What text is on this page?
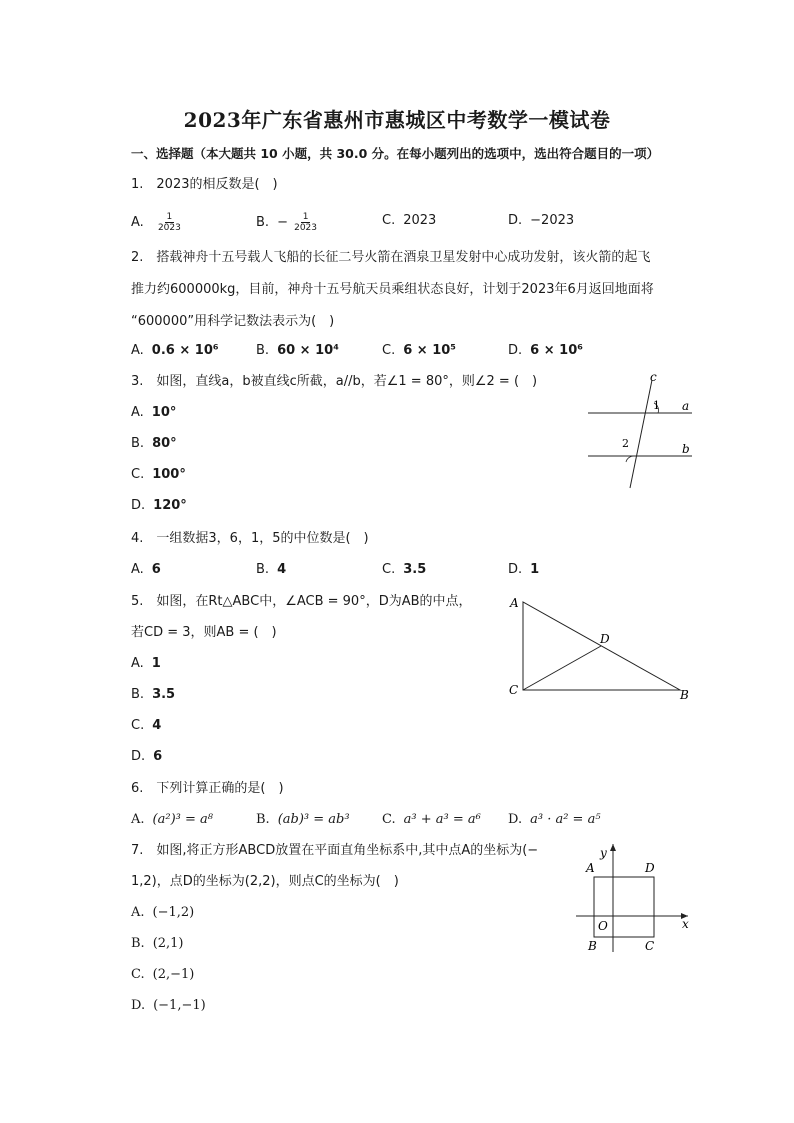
2023年广东省惠州市惠城区中考数学一模试卷
一、选择题（本大题共 10 小题，共 30.0 分。在每小题列出的选项中，选出符合题目的一项）
1.　2023的相反数是(　)
A. $\frac{1}{2023}$	B. − $\frac{1}{2023}$	C. 2023	D. −2023
2.　搭载神舟十五号载人飞船的长征二号火箭在酒泉卫星发射中心成功发射，该火箭的起飞
推力约600000kg，目前，神舟十五号航天员乘组状态良好，计划于2023年6月返回地面将
“600000”用科学记数法表示为(　)
A. 0.6 × 10⁶	B. 60 × 10⁴	C. 6 × 10⁵	D. 6 × 10⁶
3.　如图，直线a，b被直线c所截，a//b，若∠1 = 80°，则∠2 = (　)
A. 10°
B. 80°
C. 100°
D. 120°
c
a
b
1
2
4.　一组数据3，6，1，5的中位数是(　)
A. 6	B. 4	C. 3.5	D. 1
5.　如图，在Rt△ABC中，∠ACB = 90°，D为AB的中点，
若CD = 3，则AB = (　)
A. 1
B. 3.5
C. 4
D. 6
A
B
C
D
6.　下列计算正确的是(　)
A. (a²)³ = a⁸	B. (ab)³ = ab³ C. a³ + a³ = a⁶ D. a³ · a² = a⁵
7.　如图,将正方形ABCD放置在平面直角坐标系中,其中点A的坐标为(−
1,2)，点D的坐标为(2,2)，则点C的坐标为(　)
A. (−1,2)
B. (2,1)
C. (2,−1)
D. (−1,−1)
y
x
O
A	D
B	C
